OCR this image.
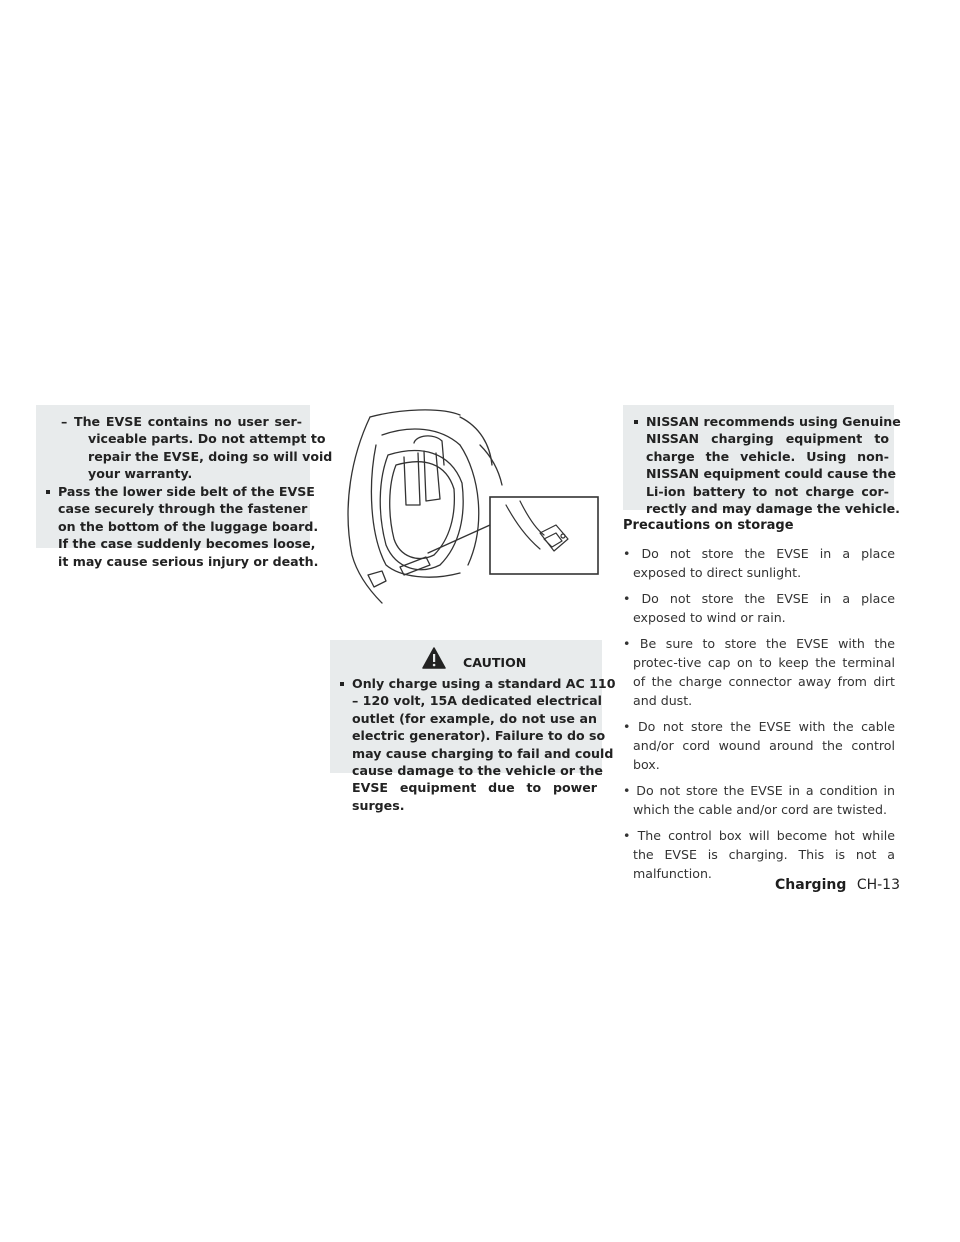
– The EVSE contains no user ser-
viceable parts. Do not attempt to
repair the EVSE, doing so will void
your warranty.
Pass the lower side belt of the EVSE
case securely through the fastener
on the bottom of the luggage board.
If the case suddenly becomes loose,
it may cause serious injury or death.
CAUTION
Only charge using a standard AC 110
– 120 volt, 15A dedicated electrical
outlet (for example, do not use an
electric generator). Failure to do so
may cause charging to fail and could
cause damage to the vehicle or the
EVSE equipment due to power
surges.
NISSAN recommends using Genuine
NISSAN charging equipment to
charge the vehicle. Using non-
NISSAN equipment could cause the
Li-ion battery to not charge cor-
rectly and may damage the vehicle.
Precautions on storage
• Do not store the EVSE in a place exposed to direct sunlight.
• Do not store the EVSE in a place exposed to wind or rain.
• Be sure to store the EVSE with the protec-tive cap on to keep the terminal of the charge connector away from dirt and dust.
• Do not store the EVSE with the cable and/or cord wound around the control box.
• Do not store the EVSE in a condition in which the cable and/or cord are twisted.
• The control box will become hot while the EVSE is charging. This is not a malfunction.
Charging CH-13
